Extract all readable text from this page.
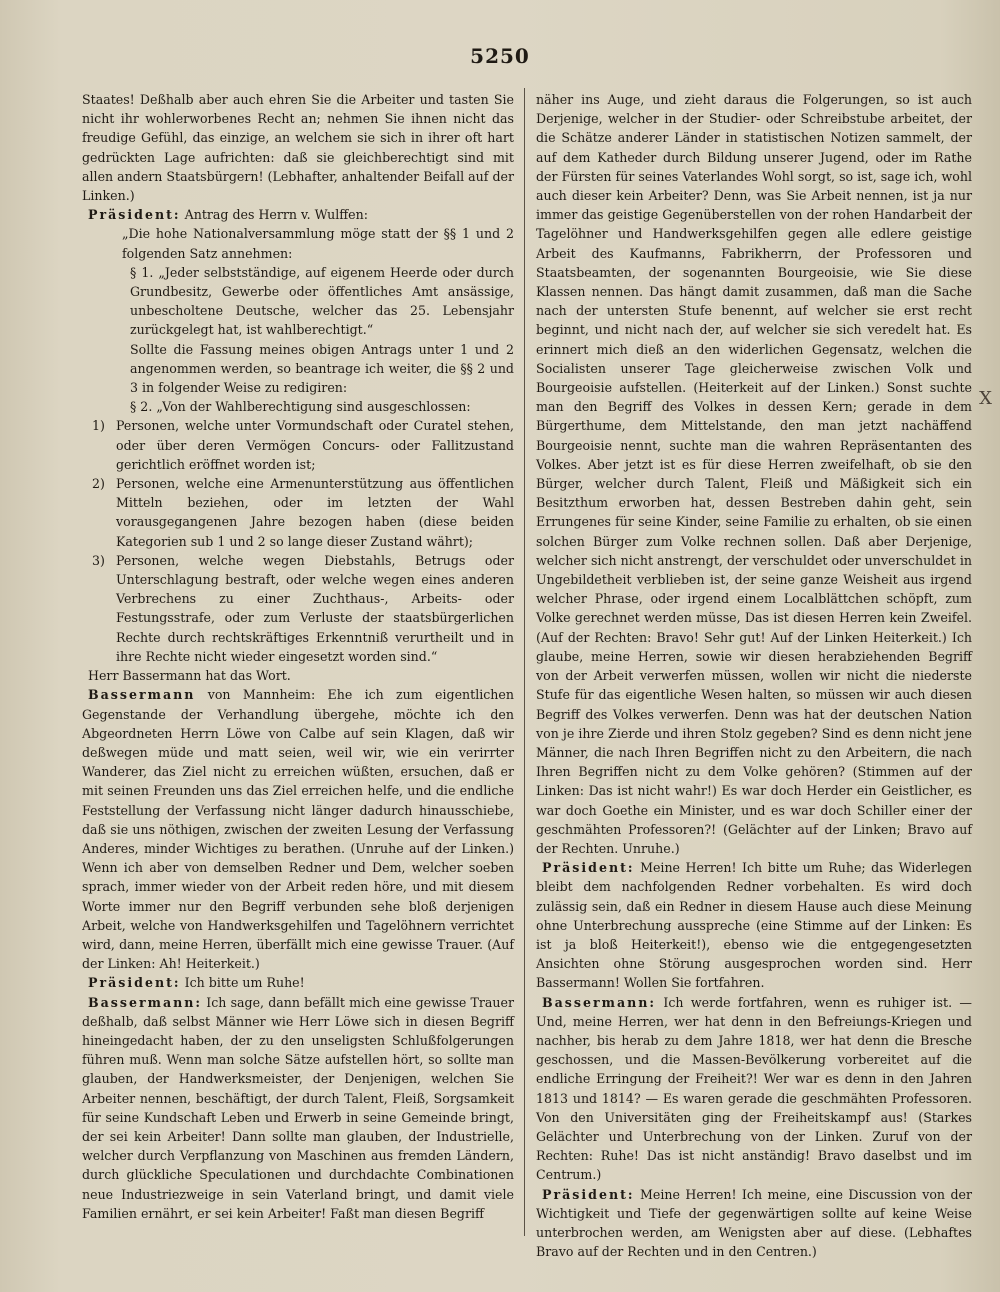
5250

Staates! Deßhalb aber auch ehren Sie die Arbeiter und tasten Sie nicht ihr wohlerworbenes Recht an; nehmen Sie ihnen nicht das freudige Gefühl, das einzige, an welchem sie sich in ihrer oft hart gedrückten Lage aufrichten: daß sie gleichberechtigt sind mit allen andern Staatsbürgern! (Lebhafter, anhaltender Beifall auf der Linken.)

Präsident: Antrag des Herrn v. Wulffen:

„Die hohe Nationalversammlung möge statt der §§ 1 und 2 folgenden Satz annehmen:

§ 1. „Jeder selbstständige, auf eigenem Heerde oder durch Grundbesitz, Gewerbe oder öffentliches Amt ansässige, unbescholtene Deutsche, welcher das 25. Lebensjahr zurückgelegt hat, ist wahlberechtigt.“

Sollte die Fassung meines obigen Antrags unter 1 und 2 angenommen werden, so beantrage ich weiter, die §§ 2 und 3 in folgender Weise zu redigiren:

§ 2. „Von der Wahlberechtigung sind ausgeschlossen:

1) Personen, welche unter Vormundschaft oder Curatel stehen, oder über deren Vermögen Concurs- oder Fallitzustand gerichtlich eröffnet worden ist;
2) Personen, welche eine Armenunterstützung aus öffentlichen Mitteln beziehen, oder im letzten der Wahl vorausgegangenen Jahre bezogen haben (diese beiden Kategorien sub 1 und 2 so lange dieser Zustand währt);
3) Personen, welche wegen Diebstahls, Betrugs oder Unterschlagung bestraft, oder welche wegen eines anderen Verbrechens zu einer Zuchthaus-, Arbeits- oder Festungsstrafe, oder zum Verluste der staatsbürgerlichen Rechte durch rechtskräftiges Erkenntniß verurtheilt und in ihre Rechte nicht wieder eingesetzt worden sind.“

Herr Bassermann hat das Wort.

Bassermann von Mannheim: Ehe ich zum eigentlichen Gegenstande der Verhandlung übergehe, möchte ich den Abgeordneten Herrn Löwe von Calbe auf sein Klagen, daß wir deßwegen müde und matt seien, weil wir, wie ein verirrter Wanderer, das Ziel nicht zu erreichen wüßten, ersuchen, daß er mit seinen Freunden uns das Ziel erreichen helfe, und die endliche Feststellung der Verfassung nicht länger dadurch hinausschiebe, daß sie uns nöthigen, zwischen der zweiten Lesung der Verfassung Anderes, minder Wichtiges zu berathen. (Unruhe auf der Linken.) Wenn ich aber von demselben Redner und Dem, welcher soeben sprach, immer wieder von der Arbeit reden höre, und mit diesem Worte immer nur den Begriff verbunden sehe bloß derjenigen Arbeit, welche von Handwerksgehilfen und Tagelöhnern verrichtet wird, dann, meine Herren, überfällt mich eine gewisse Trauer. (Auf der Linken: Ah! Heiterkeit.)

Präsident: Ich bitte um Ruhe!

Bassermann: Ich sage, dann befällt mich eine gewisse Trauer deßhalb, daß selbst Männer wie Herr Löwe sich in diesen Begriff hineingedacht haben, der zu den unseligsten Schlußfolgerungen führen muß. Wenn man solche Sätze aufstellen hört, so sollte man glauben, der Handwerksmeister, der Denjenigen, welchen Sie Arbeiter nennen, beschäftigt, der durch Talent, Fleiß, Sorgsamkeit für seine Kundschaft Leben und Erwerb in seine Gemeinde bringt, der sei kein Arbeiter! Dann sollte man glauben, der Industrielle, welcher durch Verpflanzung von Maschinen aus fremden Ländern, durch glückliche Speculationen und durchdachte Combinationen neue Industriezweige in sein Vaterland bringt, und damit viele Familien ernährt, er sei kein Arbeiter! Faßt man diesen Begriff

näher ins Auge, und zieht daraus die Folgerungen, so ist auch Derjenige, welcher in der Studier- oder Schreibstube arbeitet, der die Schätze anderer Länder in statistischen Notizen sammelt, der auf dem Katheder durch Bildung unserer Jugend, oder im Rathe der Fürsten für seines Vaterlandes Wohl sorgt, so ist, sage ich, wohl auch dieser kein Arbeiter? Denn, was Sie Arbeit nennen, ist ja nur immer das geistige Gegenüberstellen von der rohen Handarbeit der Tagelöhner und Handwerksgehilfen gegen alle edlere geistige Arbeit des Kaufmanns, Fabrikherrn, der Professoren und Staatsbeamten, der sogenannten Bourgeoisie, wie Sie diese Klassen nennen. Das hängt damit zusammen, daß man die Sache nach der untersten Stufe benennt, auf welcher sie erst recht beginnt, und nicht nach der, auf welcher sie sich veredelt hat. Es erinnert mich dieß an den widerlichen Gegensatz, welchen die Socialisten unserer Tage gleicherweise zwischen Volk und Bourgeoisie aufstellen. (Heiterkeit auf der Linken.) Sonst suchte man den Begriff des Volkes in dessen Kern; gerade in dem Bürgerthume, dem Mittelstande, den man jetzt nachäffend Bourgeoisie nennt, suchte man die wahren Repräsentanten des Volkes. Aber jetzt ist es für diese Herren zweifelhaft, ob sie den Bürger, welcher durch Talent, Fleiß und Mäßigkeit sich ein Besitzthum erworben hat, dessen Bestreben dahin geht, sein Errungenes für seine Kinder, seine Familie zu erhalten, ob sie einen solchen Bürger zum Volke rechnen sollen. Daß aber Derjenige, welcher sich nicht anstrengt, der verschuldet oder unverschuldet in Ungebildetheit verblieben ist, der seine ganze Weisheit aus irgend welcher Phrase, oder irgend einem Localblättchen schöpft, zum Volke gerechnet werden müsse, Das ist diesen Herren kein Zweifel. (Auf der Rechten: Bravo! Sehr gut! Auf der Linken Heiterkeit.) Ich glaube, meine Herren, sowie wir diesen herabziehenden Begriff von der Arbeit verwerfen müssen, wollen wir nicht die niederste Stufe für das eigentliche Wesen halten, so müssen wir auch diesen Begriff des Volkes verwerfen. Denn was hat der deutschen Nation von je ihre Zierde und ihren Stolz gegeben? Sind es denn nicht jene Männer, die nach Ihren Begriffen nicht zu den Arbeitern, die nach Ihren Begriffen nicht zu dem Volke gehören? (Stimmen auf der Linken: Das ist nicht wahr!) Es war doch Herder ein Geistlicher, es war doch Goethe ein Minister, und es war doch Schiller einer der geschmähten Professoren?! (Gelächter auf der Linken; Bravo auf der Rechten. Unruhe.)

Präsident: Meine Herren! Ich bitte um Ruhe; das Widerlegen bleibt dem nachfolgenden Redner vorbehalten. Es wird doch zulässig sein, daß ein Redner in diesem Hause auch diese Meinung ohne Unterbrechung ausspreche (eine Stimme auf der Linken: Es ist ja bloß Heiterkeit!), ebenso wie die entgegengesetzten Ansichten ohne Störung ausgesprochen worden sind. Herr Bassermann! Wollen Sie fortfahren.

Bassermann: Ich werde fortfahren, wenn es ruhiger ist. — Und, meine Herren, wer hat denn in den Befreiungs-Kriegen und nachher, bis herab zu dem Jahre 1818, wer hat denn die Bresche geschossen, und die Massen-Bevölkerung vorbereitet auf die endliche Erringung der Freiheit?! Wer war es denn in den Jahren 1813 und 1814? — Es waren gerade die geschmähten Professoren. Von den Universitäten ging der Freiheitskampf aus! (Starkes Gelächter und Unterbrechung von der Linken. Zuruf von der Rechten: Ruhe! Das ist nicht anständig! Bravo daselbst und im Centrum.)

Präsident: Meine Herren! Ich meine, eine Discussion von der Wichtigkeit und Tiefe der gegenwärtigen sollte auf keine Weise unterbrochen werden, am Wenigsten aber auf diese. (Lebhaftes Bravo auf der Rechten und in den Centren.)

X
